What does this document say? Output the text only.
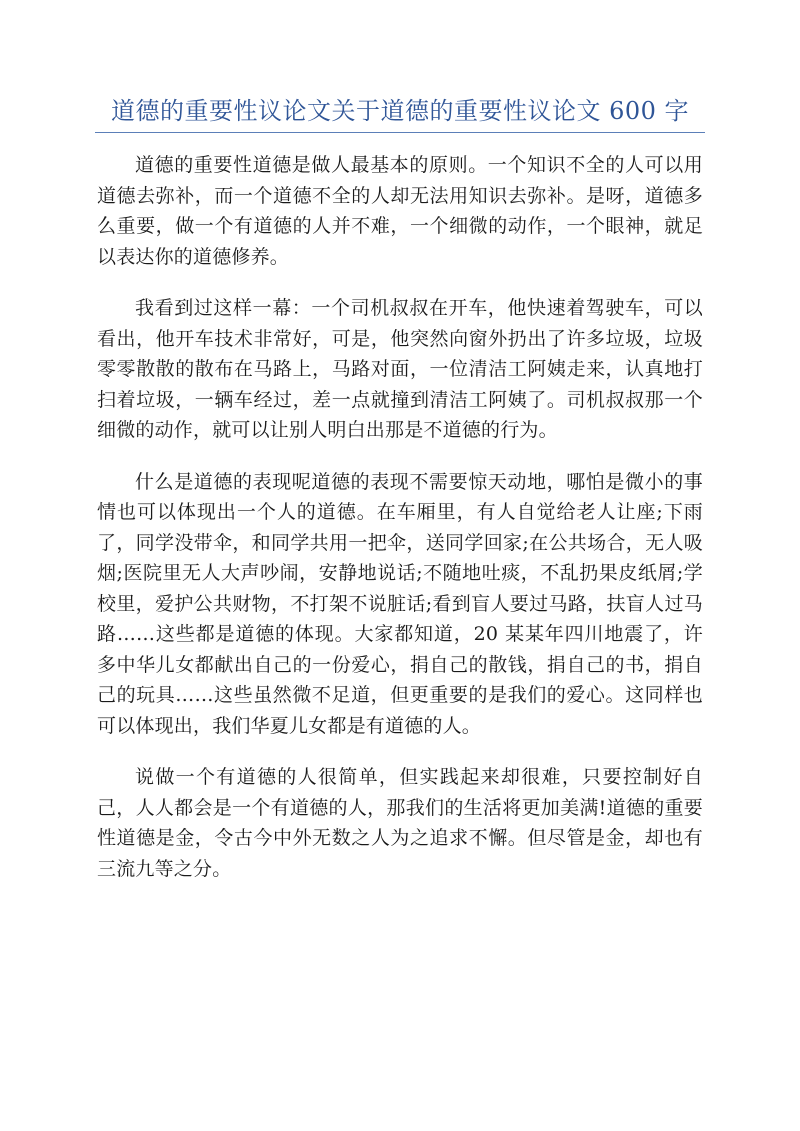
道德的重要性议论文关于道德的重要性议论文 600 字

道德的重要性道德是做人最基本的原则。一个知识不全的人可以用道德去弥补，而一个道德不全的人却无法用知识去弥补。是呀，道德多么重要，做一个有道德的人并不难，一个细微的动作，一个眼神，就足以表达你的道德修养。

我看到过这样一幕：一个司机叔叔在开车，他快速着驾驶车，可以看出，他开车技术非常好，可是，他突然向窗外扔出了许多垃圾，垃圾零零散散的散布在马路上，马路对面，一位清洁工阿姨走来，认真地打扫着垃圾，一辆车经过，差一点就撞到清洁工阿姨了。司机叔叔那一个细微的动作，就可以让别人明白出那是不道德的行为。

什么是道德的表现呢道德的表现不需要惊天动地，哪怕是微小的事情也可以体现出一个人的道德。在车厢里，有人自觉给老人让座;下雨了，同学没带伞，和同学共用一把伞，送同学回家;在公共场合，无人吸烟;医院里无人大声吵闹，安静地说话;不随地吐痰，不乱扔果皮纸屑;学校里，爱护公共财物，不打架不说脏话;看到盲人要过马路，扶盲人过马路……这些都是道德的体现。大家都知道，20 某某年四川地震了，许多中华儿女都献出自己的一份爱心，捐自己的散钱，捐自己的书，捐自己的玩具……这些虽然微不足道，但更重要的是我们的爱心。这同样也可以体现出，我们华夏儿女都是有道德的人。

说做一个有道德的人很简单，但实践起来却很难，只要控制好自己，人人都会是一个有道德的人，那我们的生活将更加美满!道德的重要性道德是金，令古今中外无数之人为之追求不懈。但尽管是金，却也有三流九等之分。
